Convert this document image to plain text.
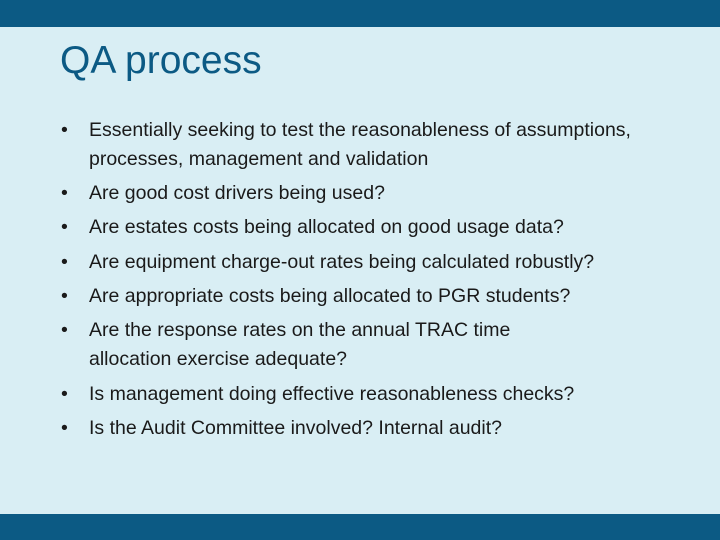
QA process
•	Essentially seeking to test the reasonableness of assumptions, processes, management and validation
•	Are good cost drivers being used?
•	Are estates costs being allocated on good usage data?
•	Are equipment charge-out rates being calculated robustly?
•	Are appropriate costs being allocated to PGR students?
•	Are the response rates on the annual TRAC time allocation exercise adequate?
•	Is management doing effective reasonableness checks?
•	Is the Audit Committee involved? Internal audit?
